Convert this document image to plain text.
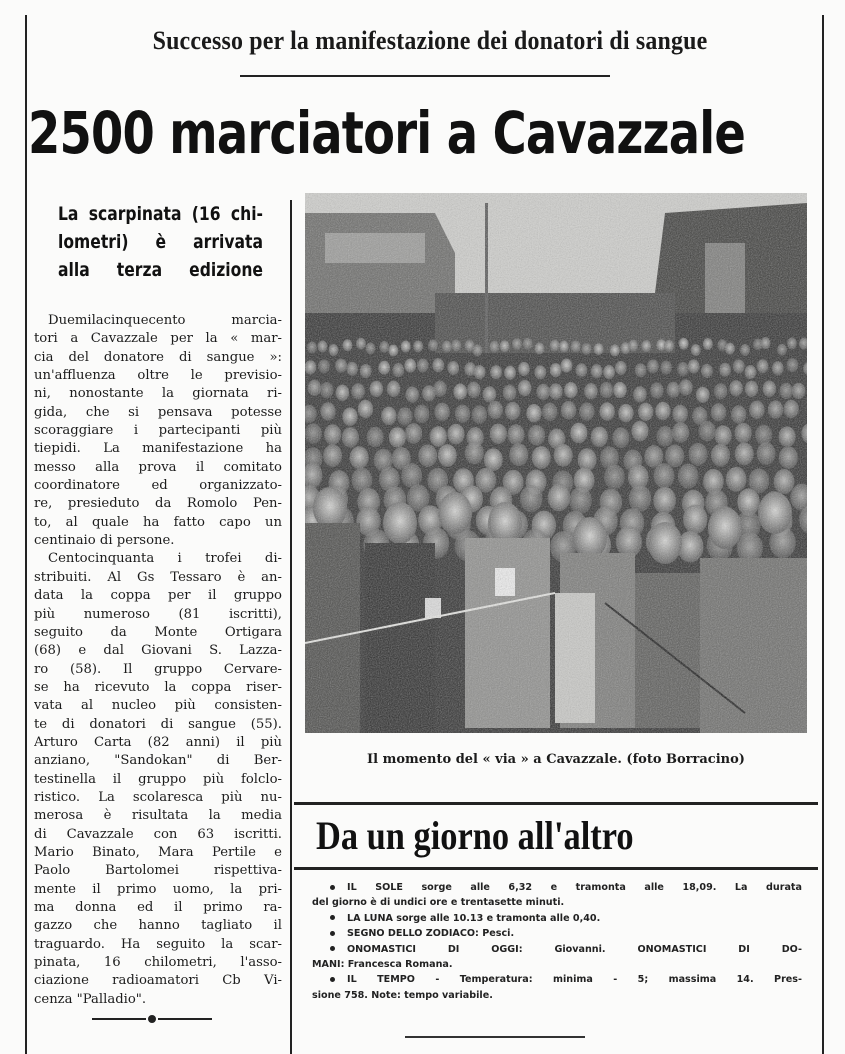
Successo per la manifestazione dei donatori di sangue
2500 marciatori a Cavazzale
La scarpinata (16 chi-
lometri) è arrivata
alla terza edizione
Duemilacinquecento marcia-
tori a Cavazzale per la « mar-
cia del donatore di sangue »:
un'affluenza oltre le previsio-
ni, nonostante la giornata ri-
gida, che si pensava potesse
scoraggiare i partecipanti più
tiepidi. La manifestazione ha
messo alla prova il comitato
coordinatore ed organizzato-
re, presieduto da Romolo Pen-
to, al quale ha fatto capo un
centinaio di persone.
Centocinquanta i trofei di-
stribuiti. Al Gs Tessaro è an-
data la coppa per il gruppo
più numeroso (81 iscritti),
seguito da Monte Ortigara
(68) e dal Giovani S. Lazza-
ro (58). Il gruppo Cervare-
se ha ricevuto la coppa riser-
vata al nucleo più consisten-
te di donatori di sangue (55).
Arturo Carta (82 anni) il più
anziano, "Sandokan" di Ber-
testinella il gruppo più folclo-
ristico. La scolaresca più nu-
merosa è risultata la media
di Cavazzale con 63 iscritti.
Mario Binato, Mara Pertile e
Paolo Bartolomei rispettiva-
mente il primo uomo, la pri-
ma donna ed il primo ra-
gazzo che hanno tagliato il
traguardo. Ha seguito la scar-
pinata, 16 chilometri, l'asso-
ciazione radioamatori Cb Vi-
cenza "Palladio".

Il momento del « via » a Cavazzale. (foto Borracino)
Da un giorno all'altro
IL SOLE sorge alle 6,32 e tramonta alle 18,09. La durata
del giorno è di undici ore e trentasette minuti.
LA LUNA sorge alle 10.13 e tramonta alle 0,40.
SEGNO DELLO ZODIACO: Pesci.
ONOMASTICI DI OGGI:	Giovanni.	ONOMASTICI DI DO-
MANI: Francesca Romana.
IL TEMPO - Temperatura: minima - 5; massima 14. Pres-
sione 758. Note: tempo variabile.
